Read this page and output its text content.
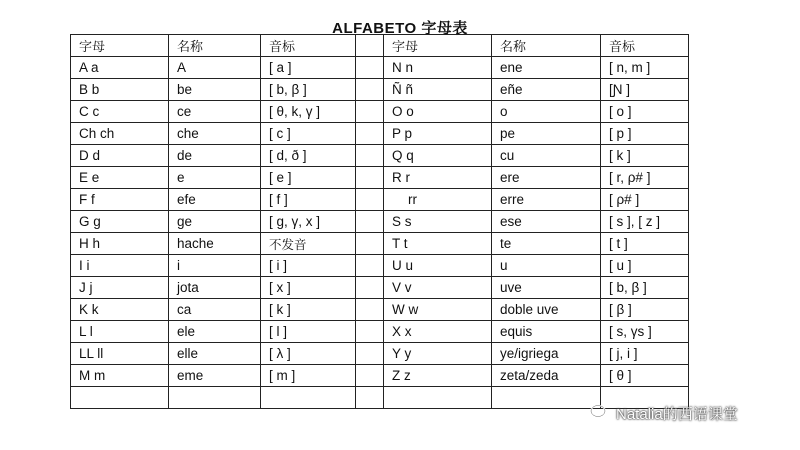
ALFABETO 字母表
字母	名称	音标		字母	名称	音标
A a	A	[ a ]		N n	ene	[ n, m ]
B b	be	[ b, β ]		Ñ ñ	eñe	[Ɲ ]
C c	ce	[ θ, k, γ ]		O o	o	[ o ]
Ch ch	che	[ c ]		P p	pe	[ p ]
D d	de	[ d, ð ]		Q q	cu	[ k ]
E e	e	[ e ]		R r	ere	[ r, ρ# ]
F f	efe	[ f ]		rr	erre	[ ρ# ]
G g	ge	[ g, γ, x ]		S s	ese	[ s ], [ z ]
H h	hache	不发音		T t	te	[ t ]
I i	i	[ i ]		U u	u	[ u ]
J j	jota	[ x ]		V v	uve	[ b, β ]
K k	ca	[ k ]		W w	doble uve	[ β ]
L l	ele	[ l ]		X x	equis	[ s, γs ]
LL ll	elle	[ λ ]		Y y	ye/igriega	[ j, i ]
M m	eme	[ m ]		Z z	zeta/zeda	[ θ ]

Natalia的西语课堂
